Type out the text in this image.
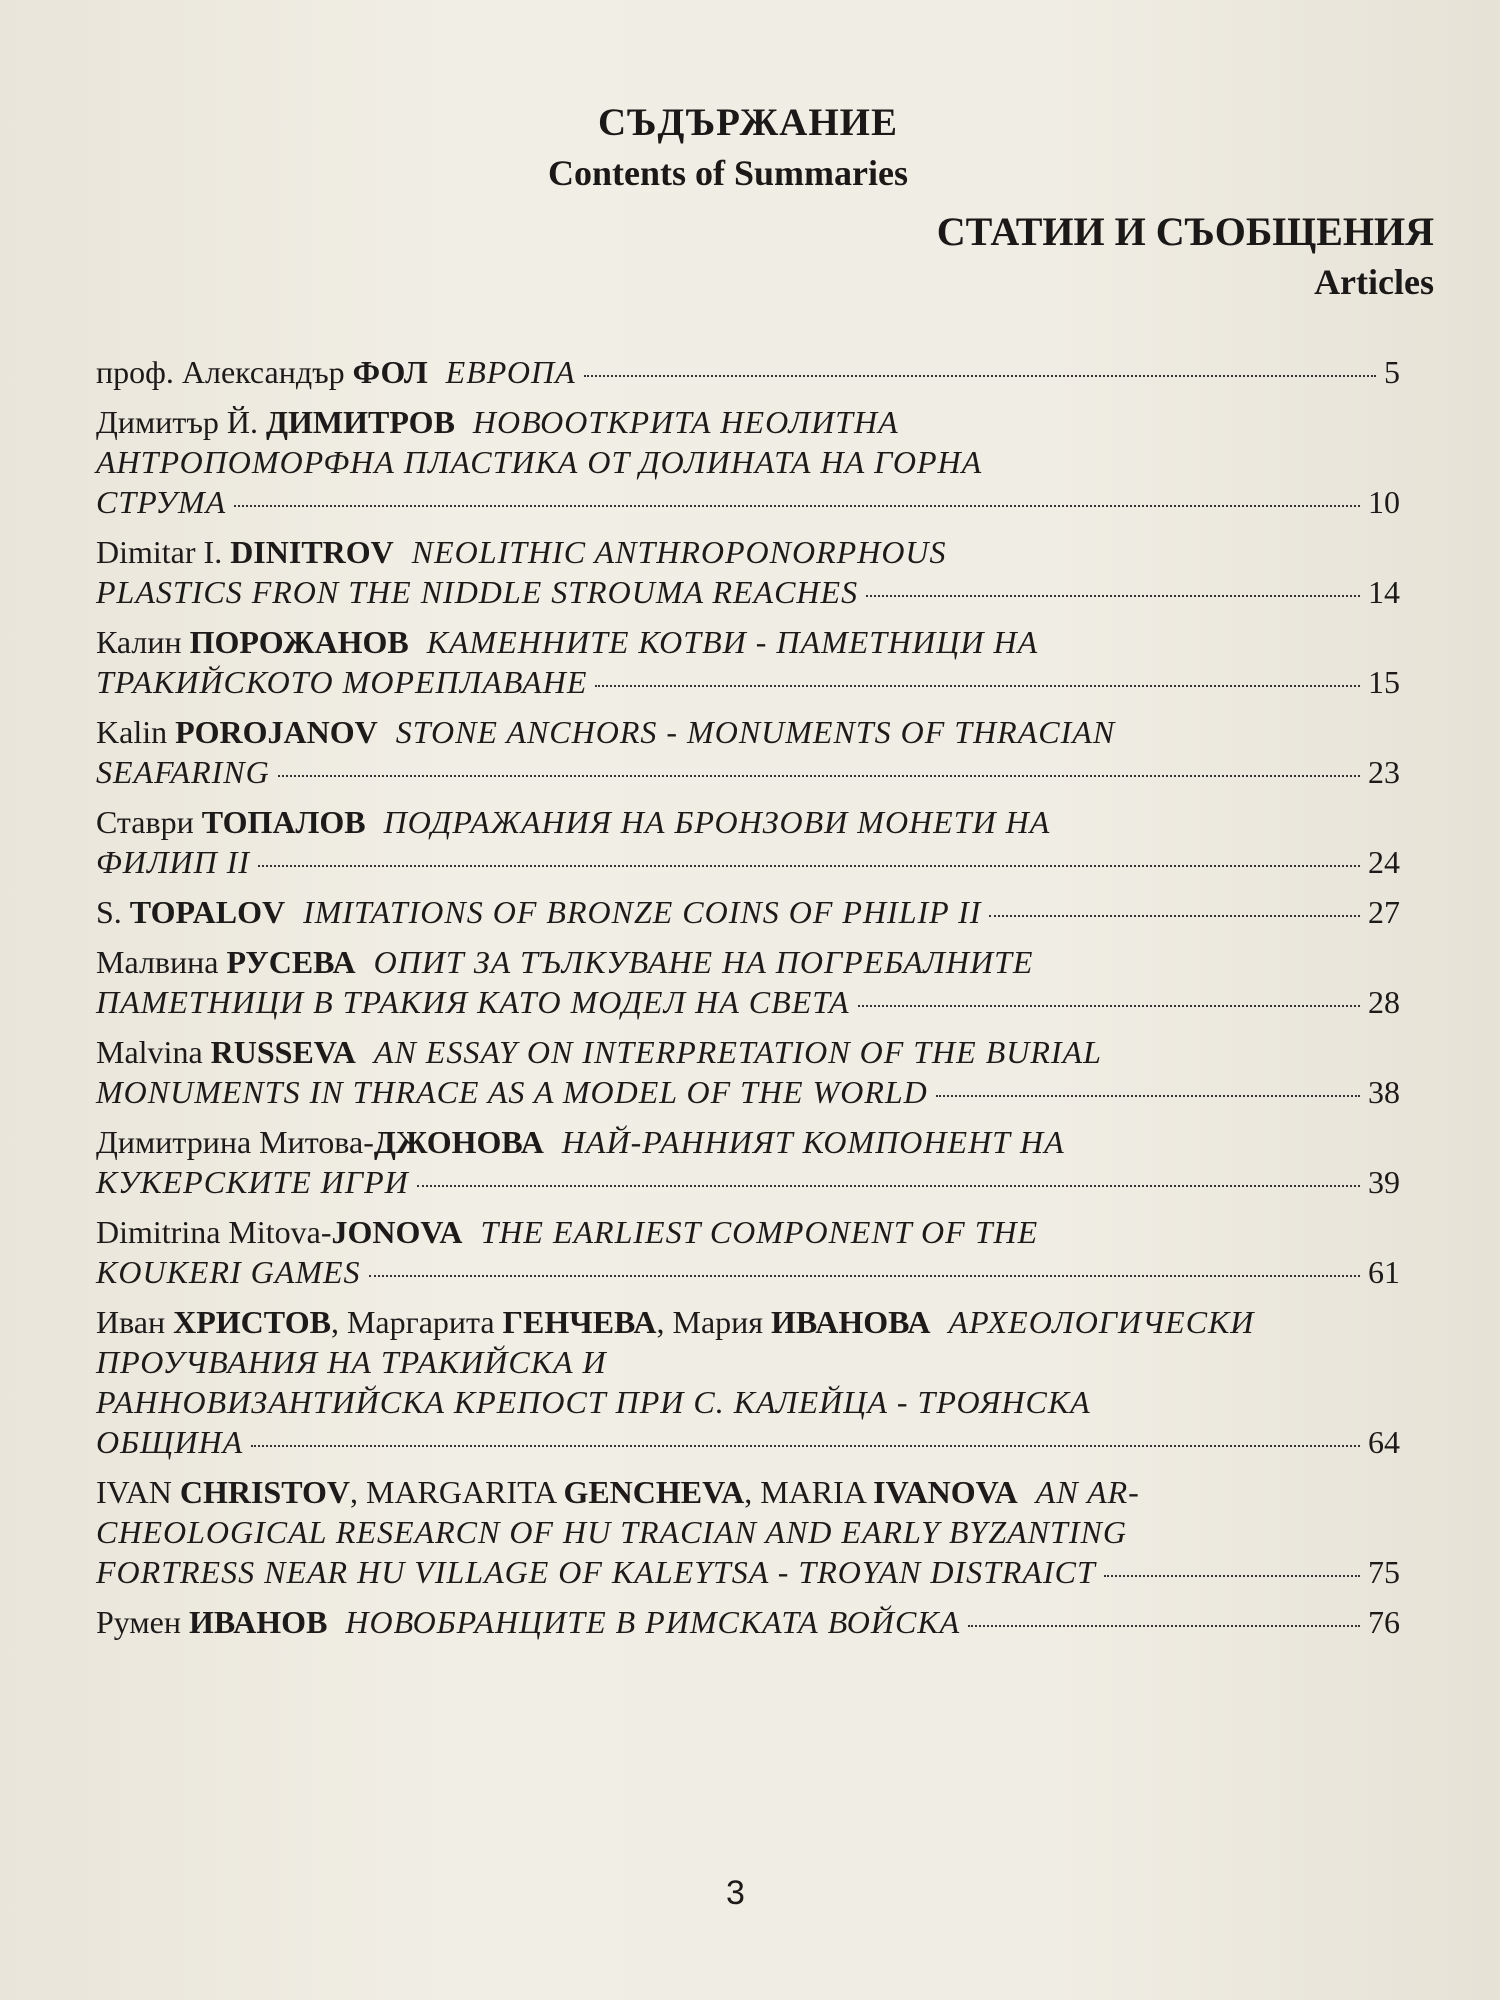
СЪДЪРЖАНИЕ
Contents of Summaries
СТАТИИ И СЪОБЩЕНИЯ
Articles
проф. Александър ФОЛ ЕВРОПА	5
Димитър Й. ДИМИТРОВ НОВООТКРИТА НЕОЛИТНА
АНТРОПОМОРФНА ПЛАСТИКА ОТ ДОЛИНАТА НА ГОРНА
СТРУМА	10
Dimitar I. DINITROV NEOLITHIC ANTHROPONORPHOUS
PLASTICS FRON THE NIDDLE STROUMA REACHES	14
Калин ПОРОЖАНОВ КАМЕННИТЕ КОТВИ - ПАМЕТНИЦИ НА
ТРАКИЙСКОТО МОРЕПЛАВАНЕ	15
Kalin POROJANOV STONE ANCHORS - MONUMENTS OF THRACIAN
SEAFARING	23
Ставри ТОПАЛОВ ПОДРАЖАНИЯ НА БРОНЗОВИ МОНЕТИ НА
ФИЛИП II	24
S. TOPALOV IMITATIONS OF BRONZE COINS OF PHILIP II	27
Малвина РУСЕВА ОПИТ ЗА ТЪЛКУВАНЕ НА ПОГРЕБАЛНИТЕ
ПАМЕТНИЦИ В ТРАКИЯ КАТО МОДЕЛ НА СВЕТА	28
Malvina RUSSEVA AN ESSAY ON INTERPRETATION OF THE BURIAL
MONUMENTS IN THRACE AS A MODEL OF THE WORLD	38
Димитрина Митова-ДЖОНОВА НАЙ-РАННИЯТ КОМПОНЕНТ НА
КУКЕРСКИТЕ ИГРИ	39
Dimitrina Mitova-JONOVA THE EARLIEST COMPONENT OF THE
KOUKERI GAMES	61
Иван ХРИСТОВ, Маргарита ГЕНЧЕВА, Мария ИВАНОВА АРХЕОЛОГИЧЕСКИ ПРОУЧВАНИЯ НА ТРАКИЙСКА И
РАННОВИЗАНТИЙСКА КРЕПОСТ ПРИ С. КАЛЕЙЦА - ТРОЯНСКА
ОБЩИНА	64
IVAN CHRISTOV, MARGARITA GENCHEVA, MARIA IVANOVA AN AR-
CHEOLOGICAL RESEARCN OF HU TRACIAN AND EARLY BYZANTING
FORTRESS NEAR HU VILLAGE OF KALEYTSA - TROYAN DISTRAICT	75
Румен ИВАНОВ НОВОБРАНЦИТЕ В РИМСКАТА ВОЙСКА	76
3
